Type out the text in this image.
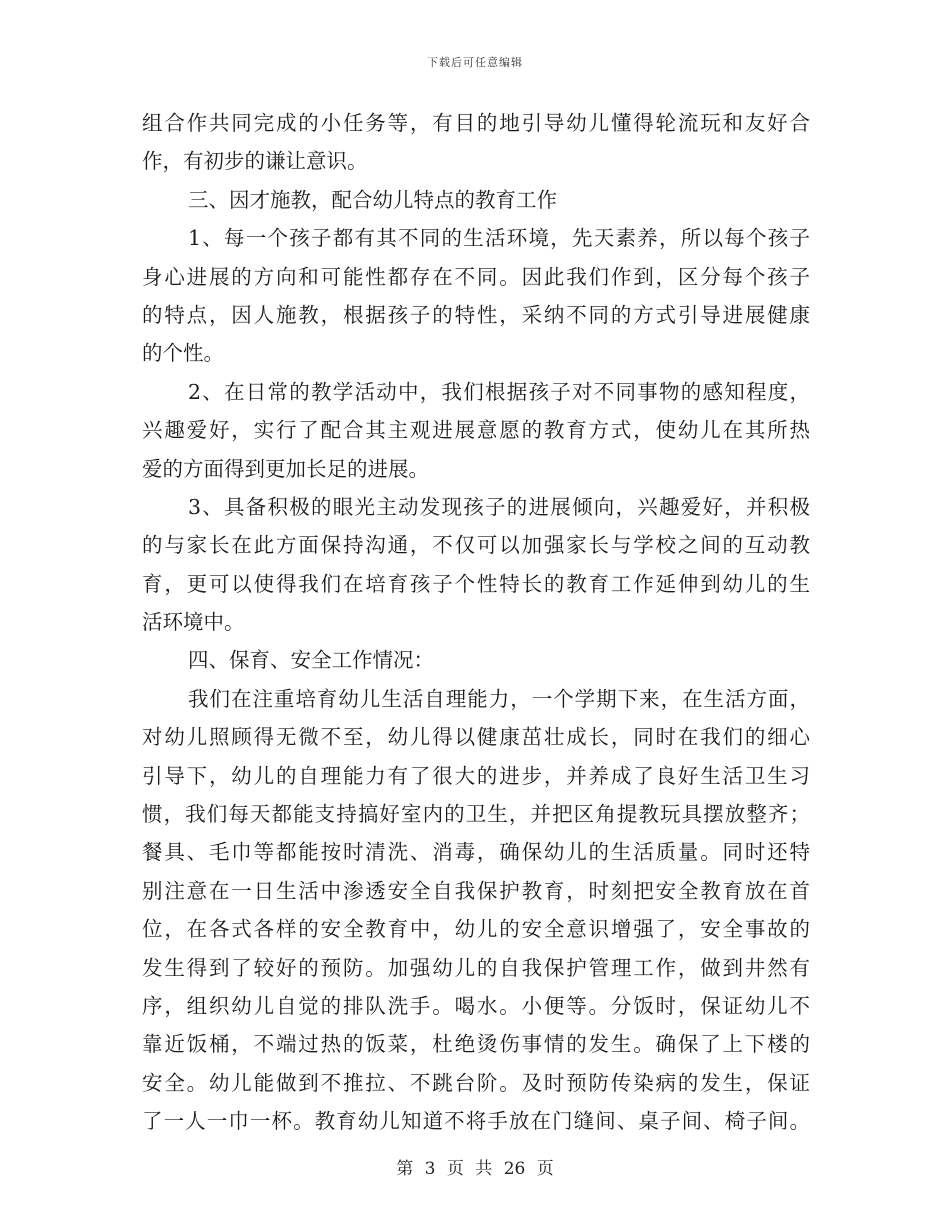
下载后可任意编辑
组合作共同完成的小任务等，有目的地引导幼儿懂得轮流玩和友好合
作，有初步的谦让意识。
三、因才施教，配合幼儿特点的教育工作
1、每一个孩子都有其不同的生活环境，先天素养，所以每个孩子
身心进展的方向和可能性都存在不同。因此我们作到，区分每个孩子
的特点，因人施教，根据孩子的特性，采纳不同的方式引导进展健康
的个性。
2、在日常的教学活动中，我们根据孩子对不同事物的感知程度，
兴趣爱好，实行了配合其主观进展意愿的教育方式，使幼儿在其所热
爱的方面得到更加长足的进展。
3、具备积极的眼光主动发现孩子的进展倾向，兴趣爱好，并积极
的与家长在此方面保持沟通，不仅可以加强家长与学校之间的互动教
育，更可以使得我们在培育孩子个性特长的教育工作延伸到幼儿的生
活环境中。
四、保育、安全工作情况：
我们在注重培育幼儿生活自理能力，一个学期下来，在生活方面，
对幼儿照顾得无微不至，幼儿得以健康茁壮成长，同时在我们的细心
引导下，幼儿的自理能力有了很大的进步，并养成了良好生活卫生习
惯，我们每天都能支持搞好室内的卫生，并把区角提教玩具摆放整齐；
餐具、毛巾等都能按时清洗、消毒，确保幼儿的生活质量。同时还特
别注意在一日生活中渗透安全自我保护教育，时刻把安全教育放在首
位，在各式各样的安全教育中，幼儿的安全意识增强了，安全事故的
发生得到了较好的预防。加强幼儿的自我保护管理工作，做到井然有
序，组织幼儿自觉的排队洗手。喝水。小便等。分饭时，保证幼儿不
靠近饭桶，不端过热的饭菜，杜绝烫伤事情的发生。确保了上下楼的
安全。幼儿能做到不推拉、不跳台阶。及时预防传染病的发生，保证
了一人一巾一杯。教育幼儿知道不将手放在门缝间、桌子间、椅子间。
第 3 页 共 26 页
